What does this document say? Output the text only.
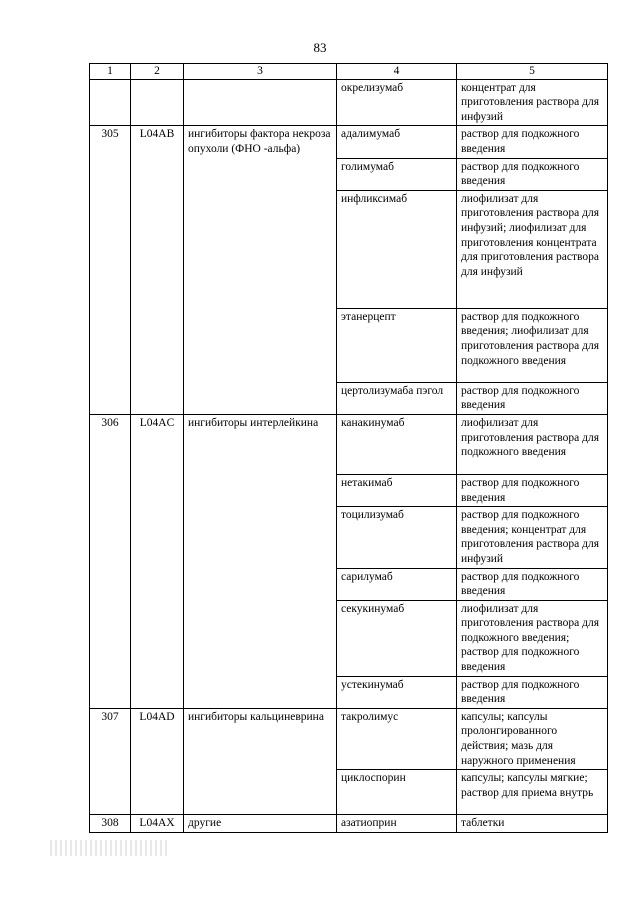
83
1	2	3	4	5
			окрелизумаб	концентрат для приготовления раствора для инфузий
305	L04AB	ингибиторы фактора некроза опухоли (ФНО -альфа)	адалимумаб	раствор для подкожного введения
			голимумаб	раствор для подкожного введения
			инфликсимаб	лиофилизат для приготовления раствора для инфузий; лиофилизат для приготовления концентрата для приготовления раствора для инфузий
			этанерцепт	раствор для подкожного введения; лиофилизат для приготовления раствора для подкожного введения
			цертолизумаба пэгол	раствор для подкожного введения
306	L04AC	ингибиторы интерлейкина	канакинумаб	лиофилизат для приготовления раствора для подкожного введения
			нетакимаб	раствор для подкожного введения
			тоцилизумаб	раствор для подкожного введения; концентрат для приготовления раствора для инфузий
			сарилумаб	раствор для подкожного введения
			секукинумаб	лиофилизат для приготовления раствора для подкожного введения; раствор для подкожного введения
			устекинумаб	раствор для подкожного введения
307	L04AD	ингибиторы кальциневрина	такролимус	капсулы; капсулы пролонгированного действия; мазь для наружного применения
			циклоспорин	капсулы; капсулы мягкие; раствор для приема внутрь
308	L04AX	другие	азатиоприн	таблетки
